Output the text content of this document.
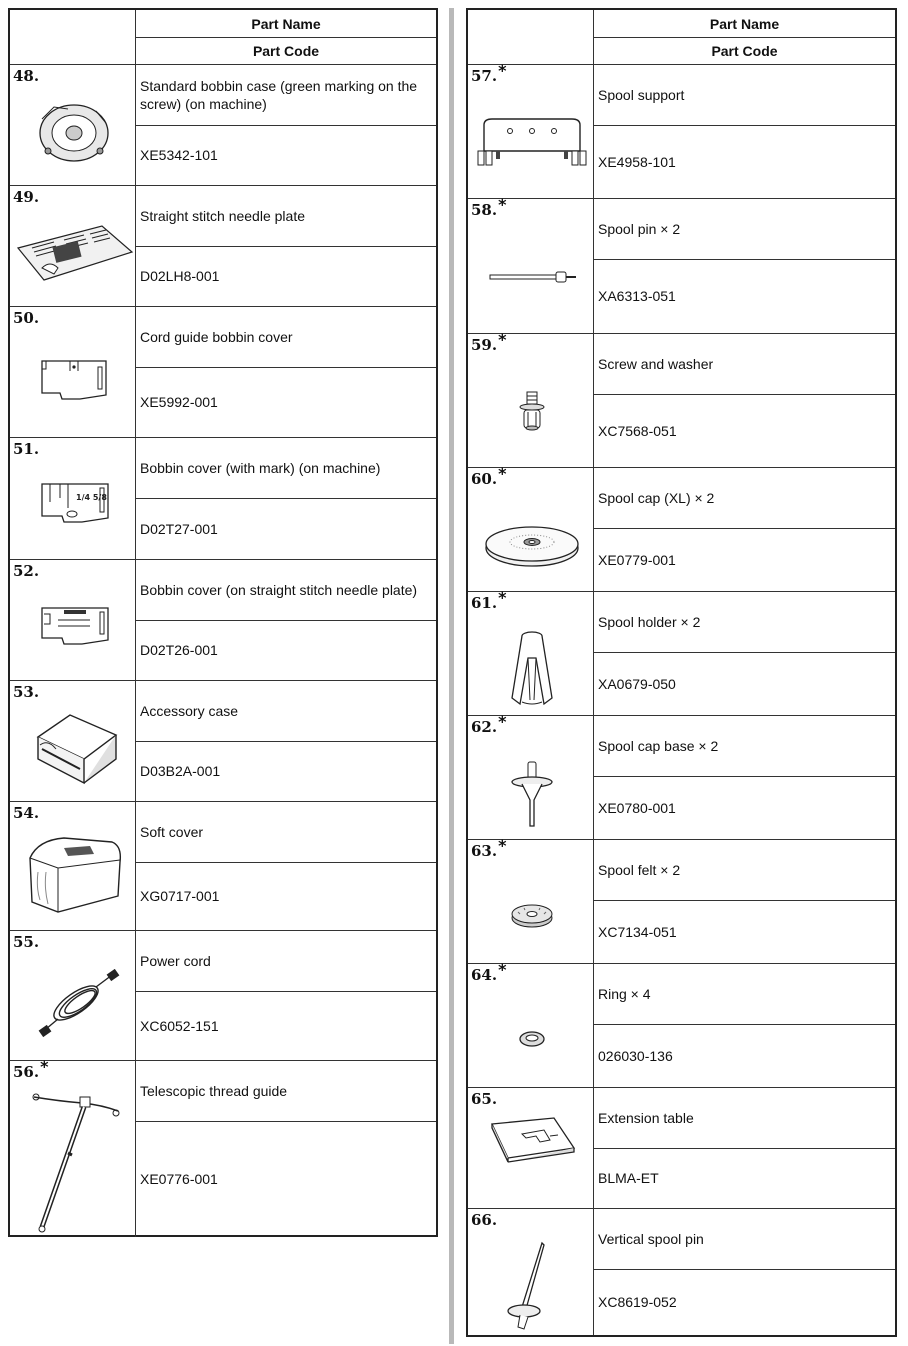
Part Name
Part Code
48.
Standard bobbin case (green marking on the screw) (on machine)
XE5342-101
49.
Straight stitch needle plate
D02LH8-001
50.
Cord guide bobbin cover
XE5992-001
51.
1/4 5/8
Bobbin cover (with mark) (on machine)
D02T27-001
52.
Bobbin cover (on straight stitch needle plate)
D02T26-001
53.
Accessory case
D03B2A-001
54.
Soft cover
XG0717-001
55.
Power cord
XC6052-151
56.*
Telescopic thread guide
XE0776-001
Part Name
Part Code
57.*
Spool support
XE4958-101
58.*
Spool pin × 2
XA6313-051
59.*
Screw and washer
XC7568-051
60.*
Spool cap (XL) × 2
XE0779-001
61.*
Spool holder × 2
XA0679-050
62.*
Spool cap base × 2
XE0780-001
63.*
Spool felt × 2
XC7134-051
64.*
Ring × 4
026030-136
65.
Extension table
BLMA-ET
66.
Vertical spool pin
XC8619-052
